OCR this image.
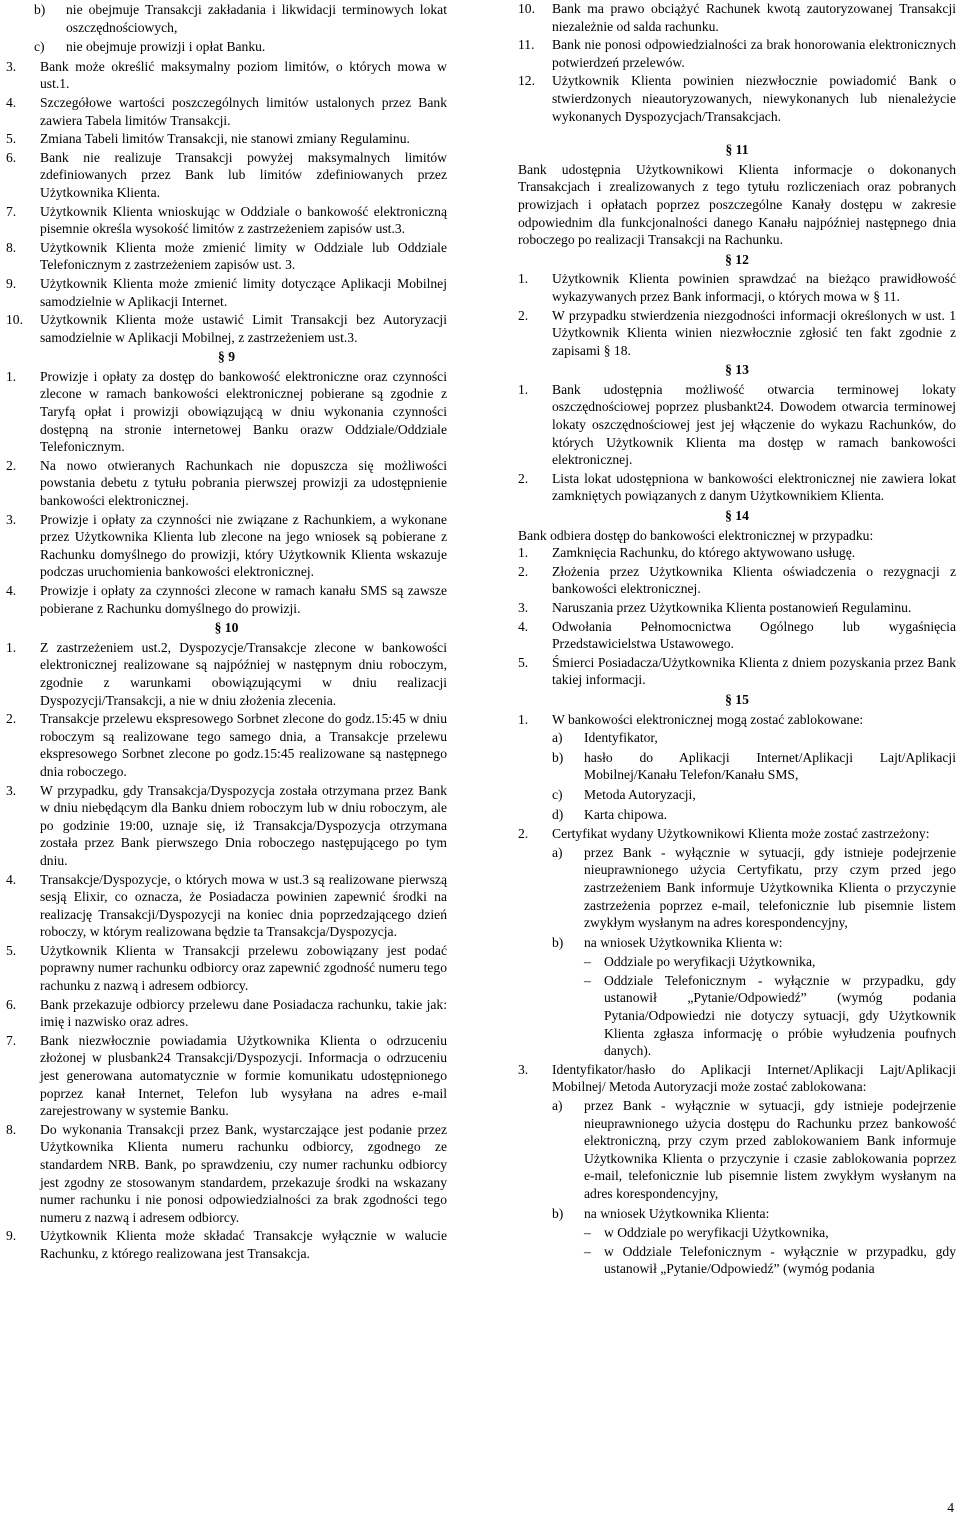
b)	nie obejmuje Transakcji zakładania i likwidacji terminowych lokat oszczędnościowych,
c)	nie obejmuje prowizji i opłat Banku.
3.	Bank może określić maksymalny poziom limitów, o których mowa w ust.1.
4.	Szczegółowe wartości poszczególnych limitów ustalonych przez Bank zawiera Tabela limitów Transakcji.
5.	Zmiana Tabeli limitów Transakcji, nie stanowi zmiany Regulaminu.
6.	Bank nie realizuje Transakcji powyżej maksymalnych limitów zdefiniowanych przez Bank lub limitów zdefiniowanych przez Użytkownika Klienta.
7.	Użytkownik Klienta wnioskując w Oddziale o bankowość elektroniczną pisemnie określa wysokość limitów z zastrzeżeniem zapisów ust.3.
8.	Użytkownik Klienta może zmienić limity w Oddziale lub Oddziale Telefonicznym z zastrzeżeniem zapisów ust. 3.
9.	Użytkownik Klienta może zmienić limity dotyczące Aplikacji Mobilnej samodzielnie w Aplikacji Internet.
10.	Użytkownik Klienta może ustawić Limit Transakcji bez Autoryzacji samodzielnie w Aplikacji Mobilnej, z zastrzeżeniem ust.3.
§ 9
1.	Prowizje i opłaty za dostęp do bankowość elektroniczne oraz czynności zlecone w ramach bankowości elektronicznej pobierane są zgodnie z Taryfą opłat i prowizji obowiązującą w dniu wykonania czynności dostępną na stronie internetowej Banku orazw Oddziale/Oddziale Telefonicznym.
2.	Na nowo otwieranych Rachunkach nie dopuszcza się możliwości powstania debetu z tytułu pobrania pierwszej prowizji za udostępnienie bankowości elektronicznej.
3.	Prowizje i opłaty za czynności nie związane z Rachunkiem, a wykonane przez Użytkownika Klienta lub zlecone na jego wniosek są pobierane z Rachunku domyślnego do prowizji, który Użytkownik Klienta wskazuje podczas uruchomienia bankowości elektronicznej.
4.	Prowizje i opłaty za czynności zlecone w ramach kanału SMS są zawsze pobierane z Rachunku domyślnego do prowizji.
§ 10
1.	Z zastrzeżeniem ust.2, Dyspozycje/Transakcje zlecone w bankowości elektronicznej realizowane są najpóźniej w następnym dniu roboczym, zgodnie z warunkami obowiązującymi w dniu realizacji Dyspozycji/Transakcji, a nie w dniu złożenia zlecenia.
2.	Transakcje przelewu ekspresowego Sorbnet zlecone do godz.15:45 w dniu roboczym są realizowane tego samego dnia, a Transakcje przelewu ekspresowego Sorbnet zlecone po godz.15:45 realizowane są następnego dnia roboczego.
3.	W przypadku, gdy Transakcja/Dyspozycja została otrzymana przez Bank w dniu niebędącym dla Banku dniem roboczym lub w dniu roboczym, ale po godzinie 19:00, uznaje się, iż Transakcja/Dyspozycja otrzymana została przez Bank pierwszego Dnia roboczego następującego po tym dniu.
4.	Transakcje/Dyspozycje, o których mowa w ust.3 są realizowane pierwszą sesją Elixir, co oznacza, że Posiadacza powinien zapewnić środki na realizację Transakcji/Dyspozycji na koniec dnia poprzedzającego dzień roboczy, w którym realizowana będzie ta Transakcja/Dyspozycja.
5.	Użytkownik Klienta w Transakcji przelewu zobowiązany jest podać poprawny numer rachunku odbiorcy oraz zapewnić zgodność numeru tego rachunku z nazwą i adresem odbiorcy.
6.	Bank przekazuje odbiorcy przelewu dane Posiadacza rachunku, takie jak: imię i nazwisko oraz adres.
7.	Bank niezwłocznie powiadamia Użytkownika Klienta o odrzuceniu złożonej w plusbank24 Transakcji/Dyspozycji. Informacja o odrzuceniu jest generowana automatycznie w formie komunikatu udostępnionego poprzez kanał Internet, Telefon lub wysyłana na adres e-mail zarejestrowany w systemie Banku.
8.	Do wykonania Transakcji przez Bank, wystarczające jest podanie przez Użytkownika Klienta numeru rachunku odbiorcy, zgodnego ze standardem NRB. Bank, po sprawdzeniu, czy numer rachunku odbiorcy jest zgodny ze stosowanym standardem, przekazuje środki na wskazany numer rachunku i nie ponosi odpowiedzialności za brak zgodności tego numeru z nazwą i adresem odbiorcy.
9.	Użytkownik Klienta może składać Transakcje wyłącznie w walucie Rachunku, z którego realizowana jest Transakcja.
10.	Bank ma prawo obciążyć Rachunek kwotą zautoryzowanej Transakcji niezależnie od salda rachunku.
11.	Bank nie ponosi odpowiedzialności za brak honorowania elektronicznych potwierdzeń przelewów.
12.	Użytkownik Klienta powinien niezwłocznie powiadomić Bank o stwierdzonych nieautoryzowanych, niewykonanych lub nienależycie wykonanych Dyspozycjach/Transakcjach.
§ 11
Bank udostępnia Użytkownikowi Klienta informacje o dokonanych Transakcjach i zrealizowanych z tego tytułu rozliczeniach oraz pobranych prowizjach i opłatach poprzez poszczególne Kanały dostępu w zakresie odpowiednim dla funkcjonalności danego Kanału najpóźniej następnego dnia roboczego po realizacji Transakcji na Rachunku.
§ 12
1.	Użytkownik Klienta powinien sprawdzać na bieżąco prawidłowość wykazywanych przez Bank informacji, o których mowa w § 11.
2.	W przypadku stwierdzenia niezgodności informacji określonych w ust. 1 Użytkownik Klienta winien niezwłocznie zgłosić ten fakt zgodnie z zapisami § 18.
§ 13
1.	Bank udostępnia możliwość otwarcia terminowej lokaty oszczędnościowej poprzez plusbankt24. Dowodem otwarcia terminowej lokaty oszczędnościowej jest jej włączenie do wykazu Rachunków, do których Użytkownik Klienta ma dostęp w ramach bankowości elektronicznej.
2.	Lista lokat udostępniona w bankowości elektronicznej nie zawiera lokat zamkniętych powiązanych z danym Użytkownikiem Klienta.
§ 14
Bank odbiera dostęp do bankowości elektronicznej w przypadku:
1.	Zamknięcia Rachunku, do którego aktywowano usługę.
2.	Złożenia przez Użytkownika Klienta oświadczenia o rezygnacji z bankowości elektronicznej.
3.	Naruszania przez Użytkownika Klienta postanowień Regulaminu.
4.	Odwołania Pełnomocnictwa Ogólnego lub wygaśnięcia Przedstawicielstwa Ustawowego.
5.	Śmierci Posiadacza/Użytkownika Klienta z dniem pozyskania przez Bank takiej informacji.
§ 15
1.	W bankowości elektronicznej mogą zostać zablokowane:
a)	Identyfikator,
b)	hasło do Aplikacji Internet/Aplikacji Lajt/Aplikacji Mobilnej/Kanału Telefon/Kanału SMS,
c)	Metoda Autoryzacji,
d)	Karta chipowa.
2.	Certyfikat wydany Użytkownikowi Klienta może zostać zastrzeżony:
a)	przez Bank - wyłącznie w sytuacji, gdy istnieje podejrzenie nieuprawnionego użycia Certyfikatu, przy czym przed jego zastrzeżeniem Bank informuje Użytkownika Klienta o przyczynie zastrzeżenia poprzez e-mail, telefonicznie lub pisemnie listem zwykłym wysłanym na adres korespondencyjny,
b)	na wniosek Użytkownika Klienta w:
– Oddziale po weryfikacji Użytkownika,
– Oddziale Telefonicznym - wyłącznie w przypadku, gdy ustanowił „Pytanie/Odpowiedź” (wymóg podania Pytania/Odpowiedzi nie dotyczy sytuacji, gdy Użytkownik Klienta zgłasza informację o próbie wyłudzenia poufnych danych).
3.	Identyfikator/hasło do Aplikacji Internet/Aplikacji Lajt/Aplikacji Mobilnej/ Metoda Autoryzacji może zostać zablokowana:
a)	przez Bank - wyłącznie w sytuacji, gdy istnieje podejrzenie nieuprawnionego użycia dostępu do Rachunku przez bankowość elektroniczną, przy czym przed zablokowaniem Bank informuje Użytkownika Klienta o przyczynie i czasie zablokowania poprzez e-mail, telefonicznie lub pisemnie listem zwykłym wysłanym na adres korespondencyjny,
b)	na wniosek Użytkownika Klienta:
– w Oddziale po weryfikacji Użytkownika,
– w Oddziale Telefonicznym - wyłącznie w przypadku, gdy ustanowił „Pytanie/Odpowiedź” (wymóg podania
4
